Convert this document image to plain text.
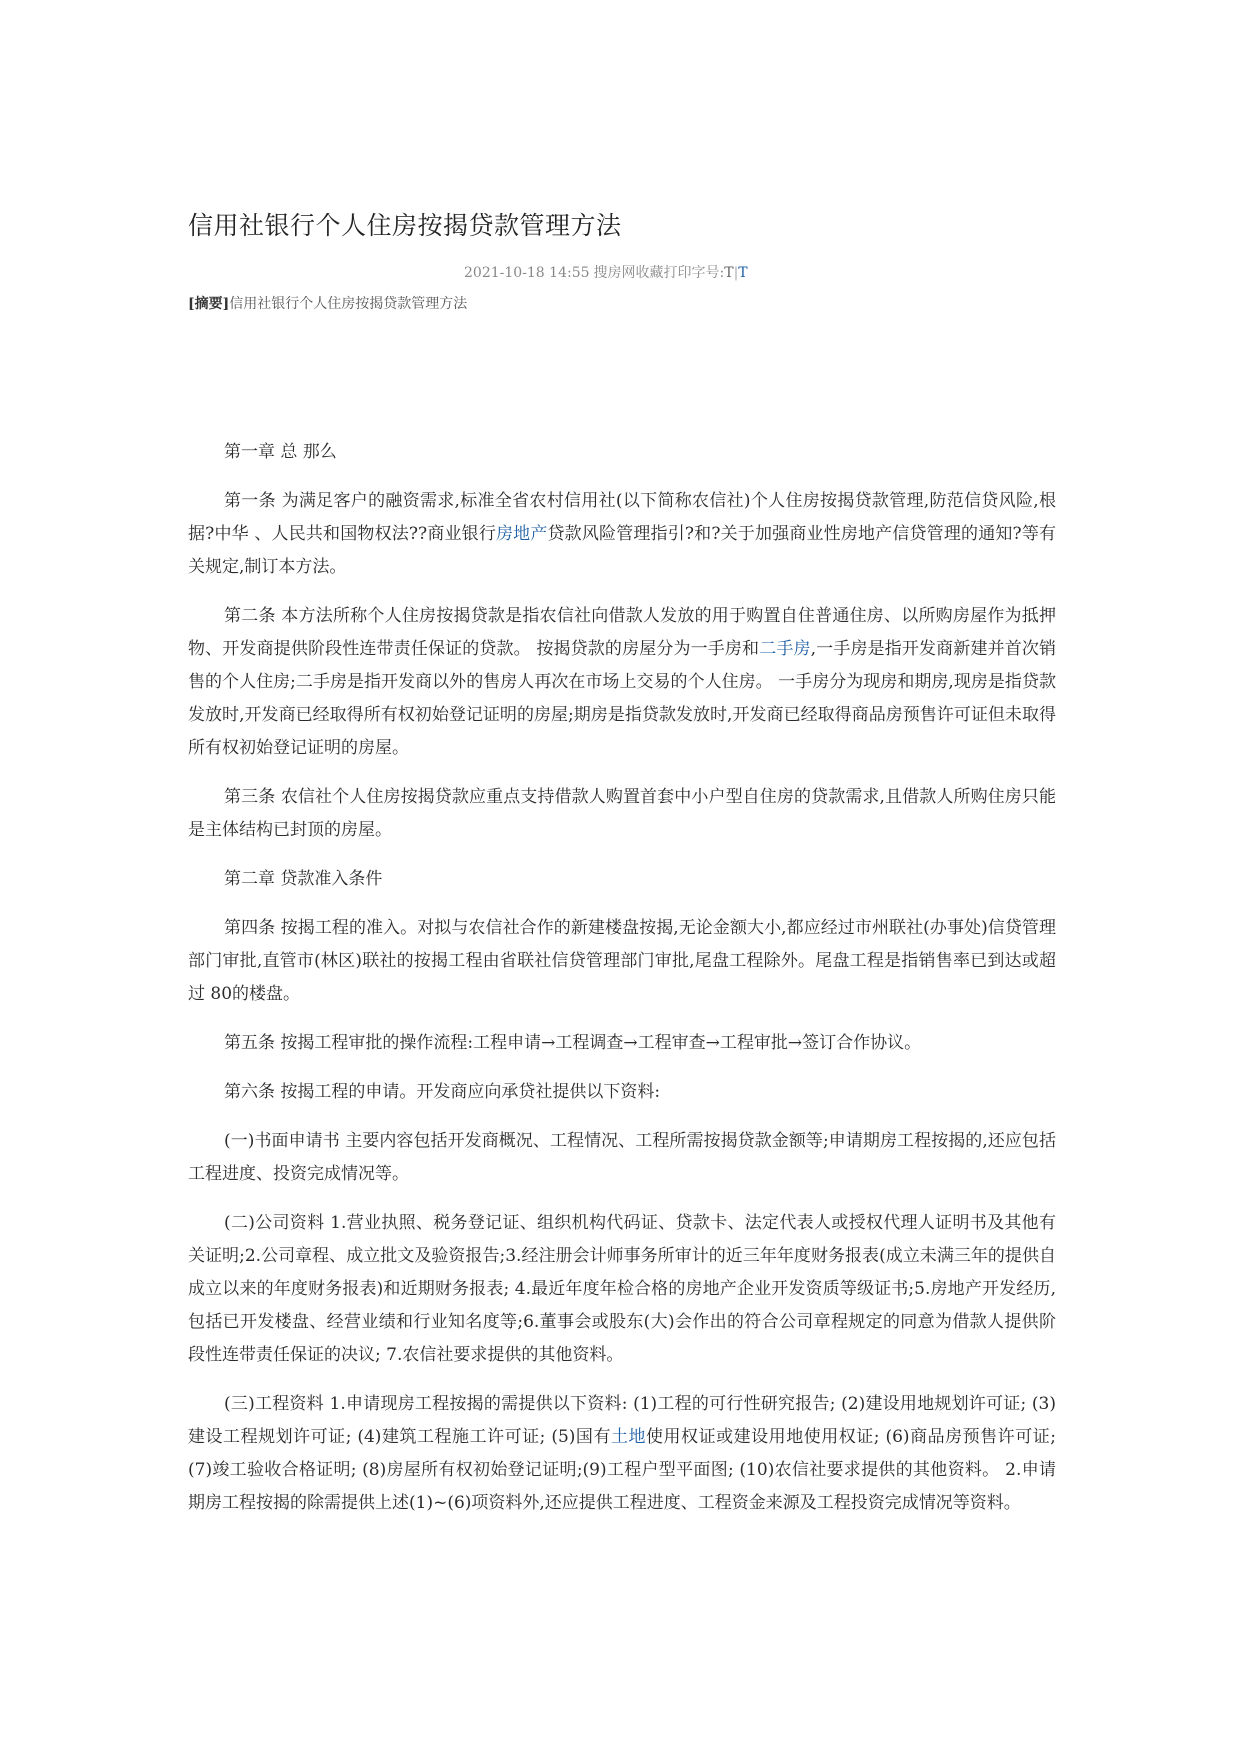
信用社银行个人住房按揭贷款管理方法
2021-10-18 14:55 搜房网收藏打印字号:T|T
[摘要]信用社银行个人住房按揭贷款管理方法

第一章 总 那么

第一条 为满足客户的融资需求,标准全省农村信用社(以下简称农信社)个人住房按揭贷款管理,防范信贷风险,根据?中华 、人民共和国物权法??商业银行房地产贷款风险管理指引?和?关于加强商业性房地产信贷管理的通知?等有关规定,制订本方法。

第二条 本方法所称个人住房按揭贷款是指农信社向借款人发放的用于购置自住普通住房、以所购房屋作为抵押物、开发商提供阶段性连带责任保证的贷款。 按揭贷款的房屋分为一手房和二手房,一手房是指开发商新建并首次销售的个人住房;二手房是指开发商以外的售房人再次在市场上交易的个人住房。 一手房分为现房和期房,现房是指贷款发放时,开发商已经取得所有权初始登记证明的房屋;期房是指贷款发放时,开发商已经取得商品房预售许可证但未取得所有权初始登记证明的房屋。

第三条 农信社个人住房按揭贷款应重点支持借款人购置首套中小户型自住房的贷款需求,且借款人所购住房只能是主体结构已封顶的房屋。

第二章 贷款准入条件

第四条 按揭工程的准入。对拟与农信社合作的新建楼盘按揭,无论金额大小,都应经过市州联社(办事处)信贷管理部门审批,直管市(林区)联社的按揭工程由省联社信贷管理部门审批,尾盘工程除外。尾盘工程是指销售率已到达或超过 80的楼盘。

第五条 按揭工程审批的操作流程:工程申请→工程调查→工程审查→工程审批→签订合作协议。

第六条 按揭工程的申请。开发商应向承贷社提供以下资料:

(一)书面申请书 主要内容包括开发商概况、工程情况、工程所需按揭贷款金额等;申请期房工程按揭的,还应包括工程进度、投资完成情况等。

(二)公司资料 1.营业执照、税务登记证、组织机构代码证、贷款卡、法定代表人或授权代理人证明书及其他有关证明;2.公司章程、成立批文及验资报告;3.经注册会计师事务所审计的近三年年度财务报表(成立未满三年的提供自成立以来的年度财务报表)和近期财务报表; 4.最近年度年检合格的房地产企业开发资质等级证书;5.房地产开发经历,包括已开发楼盘、经营业绩和行业知名度等;6.董事会或股东(大)会作出的符合公司章程规定的同意为借款人提供阶段性连带责任保证的决议; 7.农信社要求提供的其他资料。

(三)工程资料 1.申请现房工程按揭的需提供以下资料: (1)工程的可行性研究报告; (2)建设用地规划许可证; (3)建设工程规划许可证; (4)建筑工程施工许可证; (5)国有土地使用权证或建设用地使用权证; (6)商品房预售许可证; (7)竣工验收合格证明; (8)房屋所有权初始登记证明;(9)工程户型平面图; (10)农信社要求提供的其他资料。 2.申请期房工程按揭的除需提供上述(1)~(6)项资料外,还应提供工程进度、工程资金来源及工程投资完成情况等资料。
